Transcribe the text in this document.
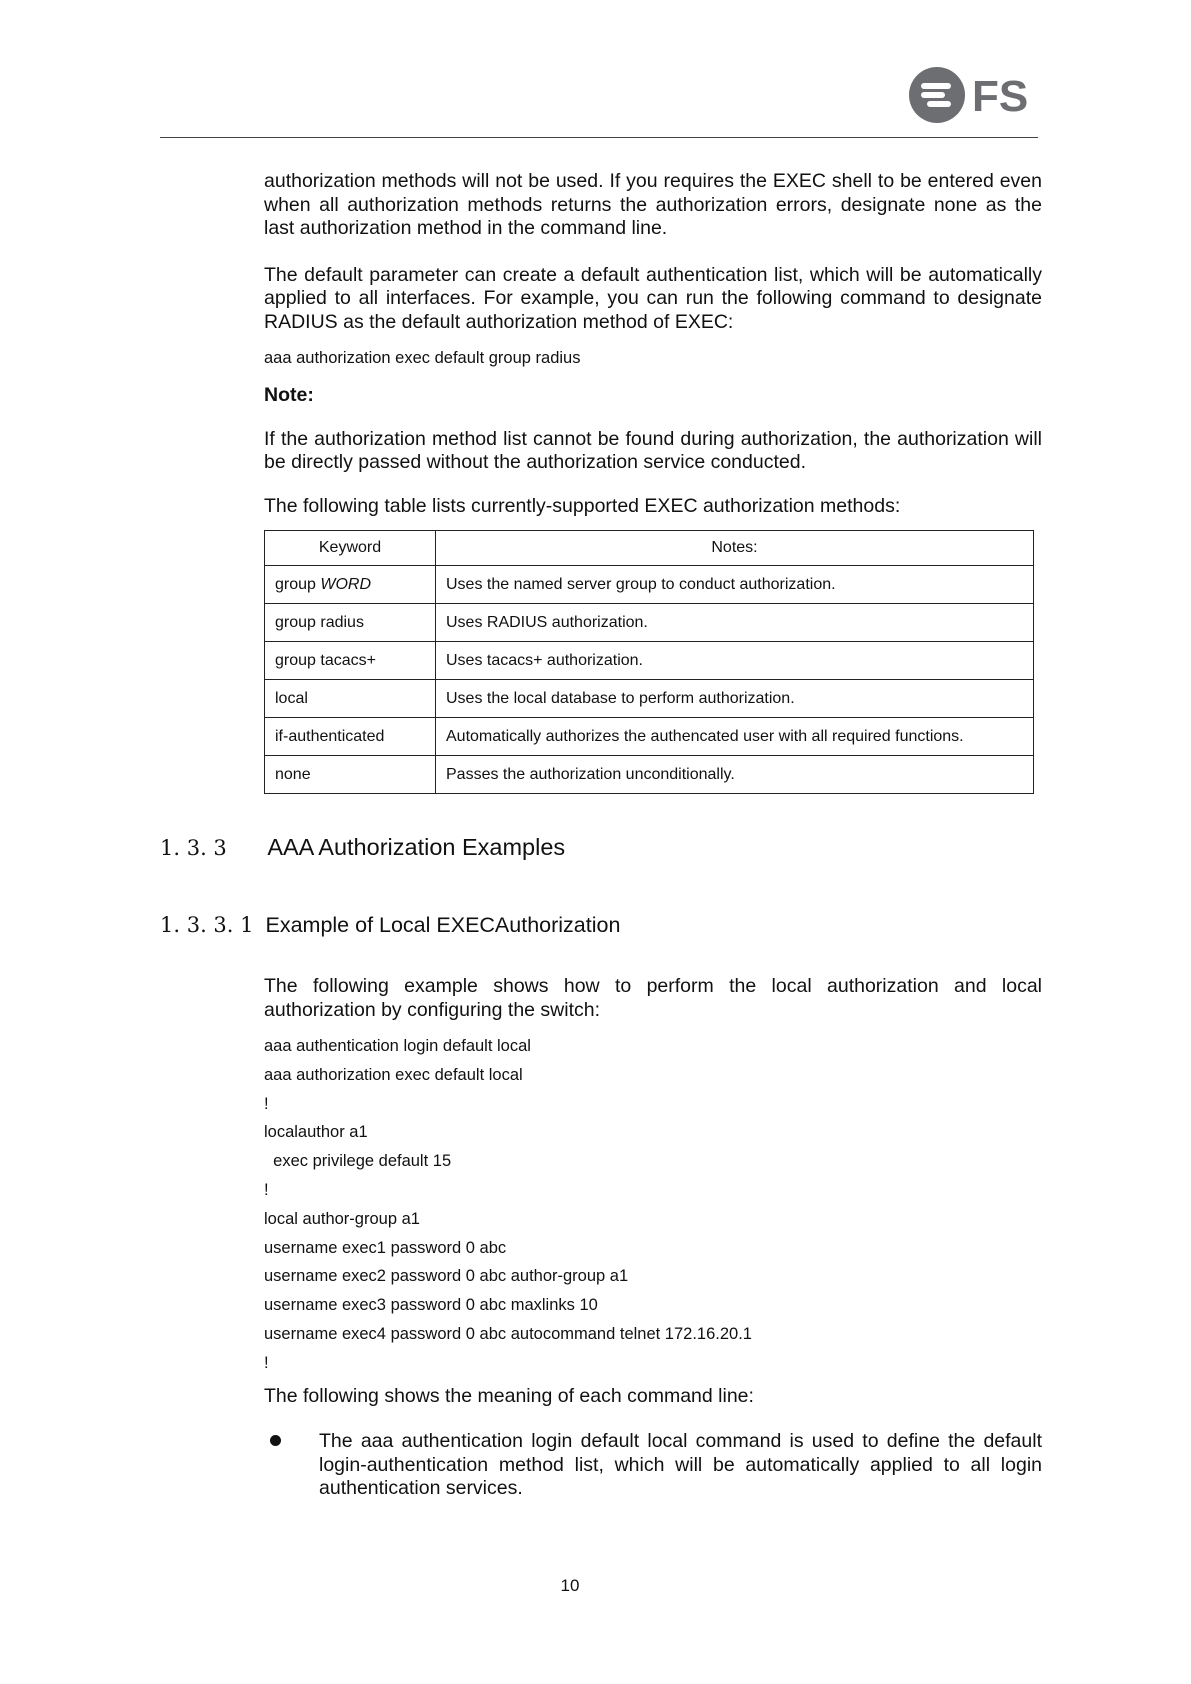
FS

authorization methods will not be used. If you requires the EXEC shell to be entered even when all authorization methods returns the authorization errors, designate none as the last authorization method in the command line.

The default parameter can create a default authentication list, which will be automatically applied to all interfaces. For example, you can run the following command to designate RADIUS as the default authorization method of EXEC:

aaa authorization exec default group radius

Note:

If the authorization method list cannot be found during authorization, the authorization will be directly passed without the authorization service conducted.

The following table lists currently-supported EXEC authorization methods:

Keyword	Notes:
group WORD	Uses the named server group to conduct authorization.
group radius	Uses RADIUS authorization.
group tacacs+	Uses tacacs+ authorization.
local	Uses the local database to perform authorization.
if-authenticated	Automatically authorizes the authencated user with all required functions.
none	Passes the authorization unconditionally.
1. 3. 3 AAA Authorization Examples
1. 3. 3. 1 Example of Local EXECAuthorization

The following example shows how to perform the local authorization and local authorization by configuring the switch:

aaa authentication login default local
aaa authorization exec default local
!
localauthor a1
exec privilege default 15
!
local author-group a1
username exec1 password 0 abc
username exec2 password 0 abc author-group a1
username exec3 password 0 abc maxlinks 10
username exec4 password 0 abc autocommand telnet 172.16.20.1
!

The following shows the meaning of each command line:

The aaa authentication login default local command is used to define the default login-authentication method list, which will be automatically applied to all login authentication services.

10
